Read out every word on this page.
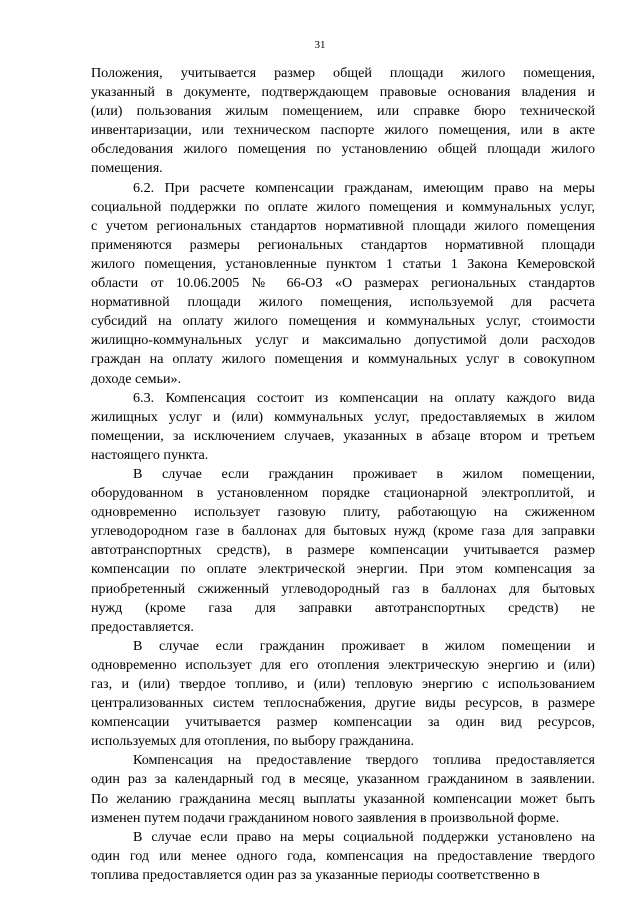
31
Положения, учитывается размер общей площади жилого помещения,
указанный в документе, подтверждающем правовые основания владения и
(или) пользования жилым помещением, или справке бюро технической
инвентаризации, или техническом паспорте жилого помещения, или в акте
обследования жилого помещения по установлению общей площади жилого
помещения.
6.2. При расчете компенсации гражданам, имеющим право на меры
социальной поддержки по оплате жилого помещения и коммунальных услуг,
с учетом региональных стандартов нормативной площади жилого помещения
применяются размеры региональных стандартов нормативной площади
жилого помещения, установленные пунктом 1 статьи 1 Закона Кемеровской
области от 10.06.2005 № 66-ОЗ «О размерах региональных стандартов
нормативной площади жилого помещения, используемой для расчета
субсидий на оплату жилого помещения и коммунальных услуг, стоимости
жилищно-коммунальных услуг и максимально допустимой доли расходов
граждан на оплату жилого помещения и коммунальных услуг в совокупном
доходе семьи».
6.3. Компенсация состоит из компенсации на оплату каждого вида
жилищных услуг и (или) коммунальных услуг, предоставляемых в жилом
помещении, за исключением случаев, указанных в абзаце втором и третьем
настоящего пункта.
В случае если гражданин проживает в жилом помещении,
оборудованном в установленном порядке стационарной электроплитой, и
одновременно использует газовую плиту, работающую на сжиженном
углеводородном газе в баллонах для бытовых нужд (кроме газа для заправки
автотранспортных средств), в размере компенсации учитывается размер
компенсации по оплате электрической энергии. При этом компенсация за
приобретенный сжиженный углеводородный газ в баллонах для бытовых
нужд (кроме газа для заправки автотранспортных средств) не
предоставляется.
В случае если гражданин проживает в жилом помещении и
одновременно использует для его отопления электрическую энергию и (или)
газ, и (или) твердое топливо, и (или) тепловую энергию с использованием
централизованных систем теплоснабжения, другие виды ресурсов, в размере
компенсации учитывается размер компенсации за один вид ресурсов,
используемых для отопления, по выбору гражданина.
Компенсация на предоставление твердого топлива предоставляется
один раз за календарный год в месяце, указанном гражданином в заявлении.
По желанию гражданина месяц выплаты указанной компенсации может быть
изменен путем подачи гражданином нового заявления в произвольной форме.
В случае если право на меры социальной поддержки установлено на
один год или менее одного года, компенсация на предоставление твердого
топлива предоставляется один раз за указанные периоды соответственно в
